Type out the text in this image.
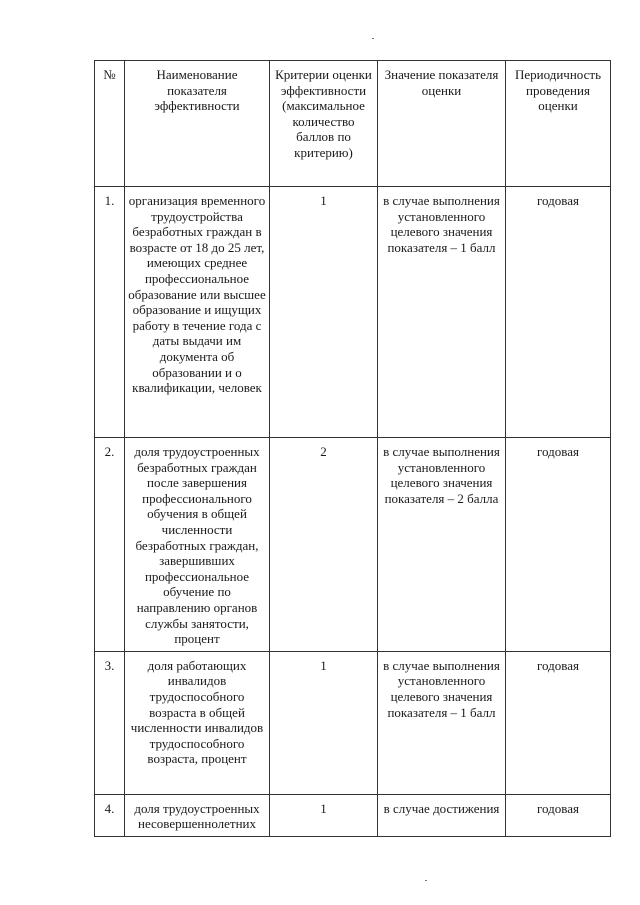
№	Наименование показателя эффективности	Критерии оценки эффективности (максимальное количество баллов по критерию)	Значение показателя оценки	Периодичность проведения оценки
1.	организация временного трудоустройства безработных граждан в возрасте от 18 до 25 лет, имеющих среднее профессиональное образование или высшее образование и ищущих работу в течение года с даты выдачи им документа об образовании и о квалификации, человек	1	в случае выполнения установленного целевого значения показателя – 1 балл	годовая
2.	доля трудоустроенных безработных граждан после завершения профессионального обучения в общей численности безработных граждан, завершивших профессиональное обучение по направлению органов службы занятости, процент	2	в случае выполнения установленного целевого значения показателя – 2 балла	годовая
3.	доля работающих инвалидов трудоспособного возраста в общей численности инвалидов трудоспособного возраста, процент	1	в случае выполнения установленного целевого значения показателя – 1 балл	годовая
4.	доля трудоустроенных несовершеннолетних	1	в случае достижения	годовая
